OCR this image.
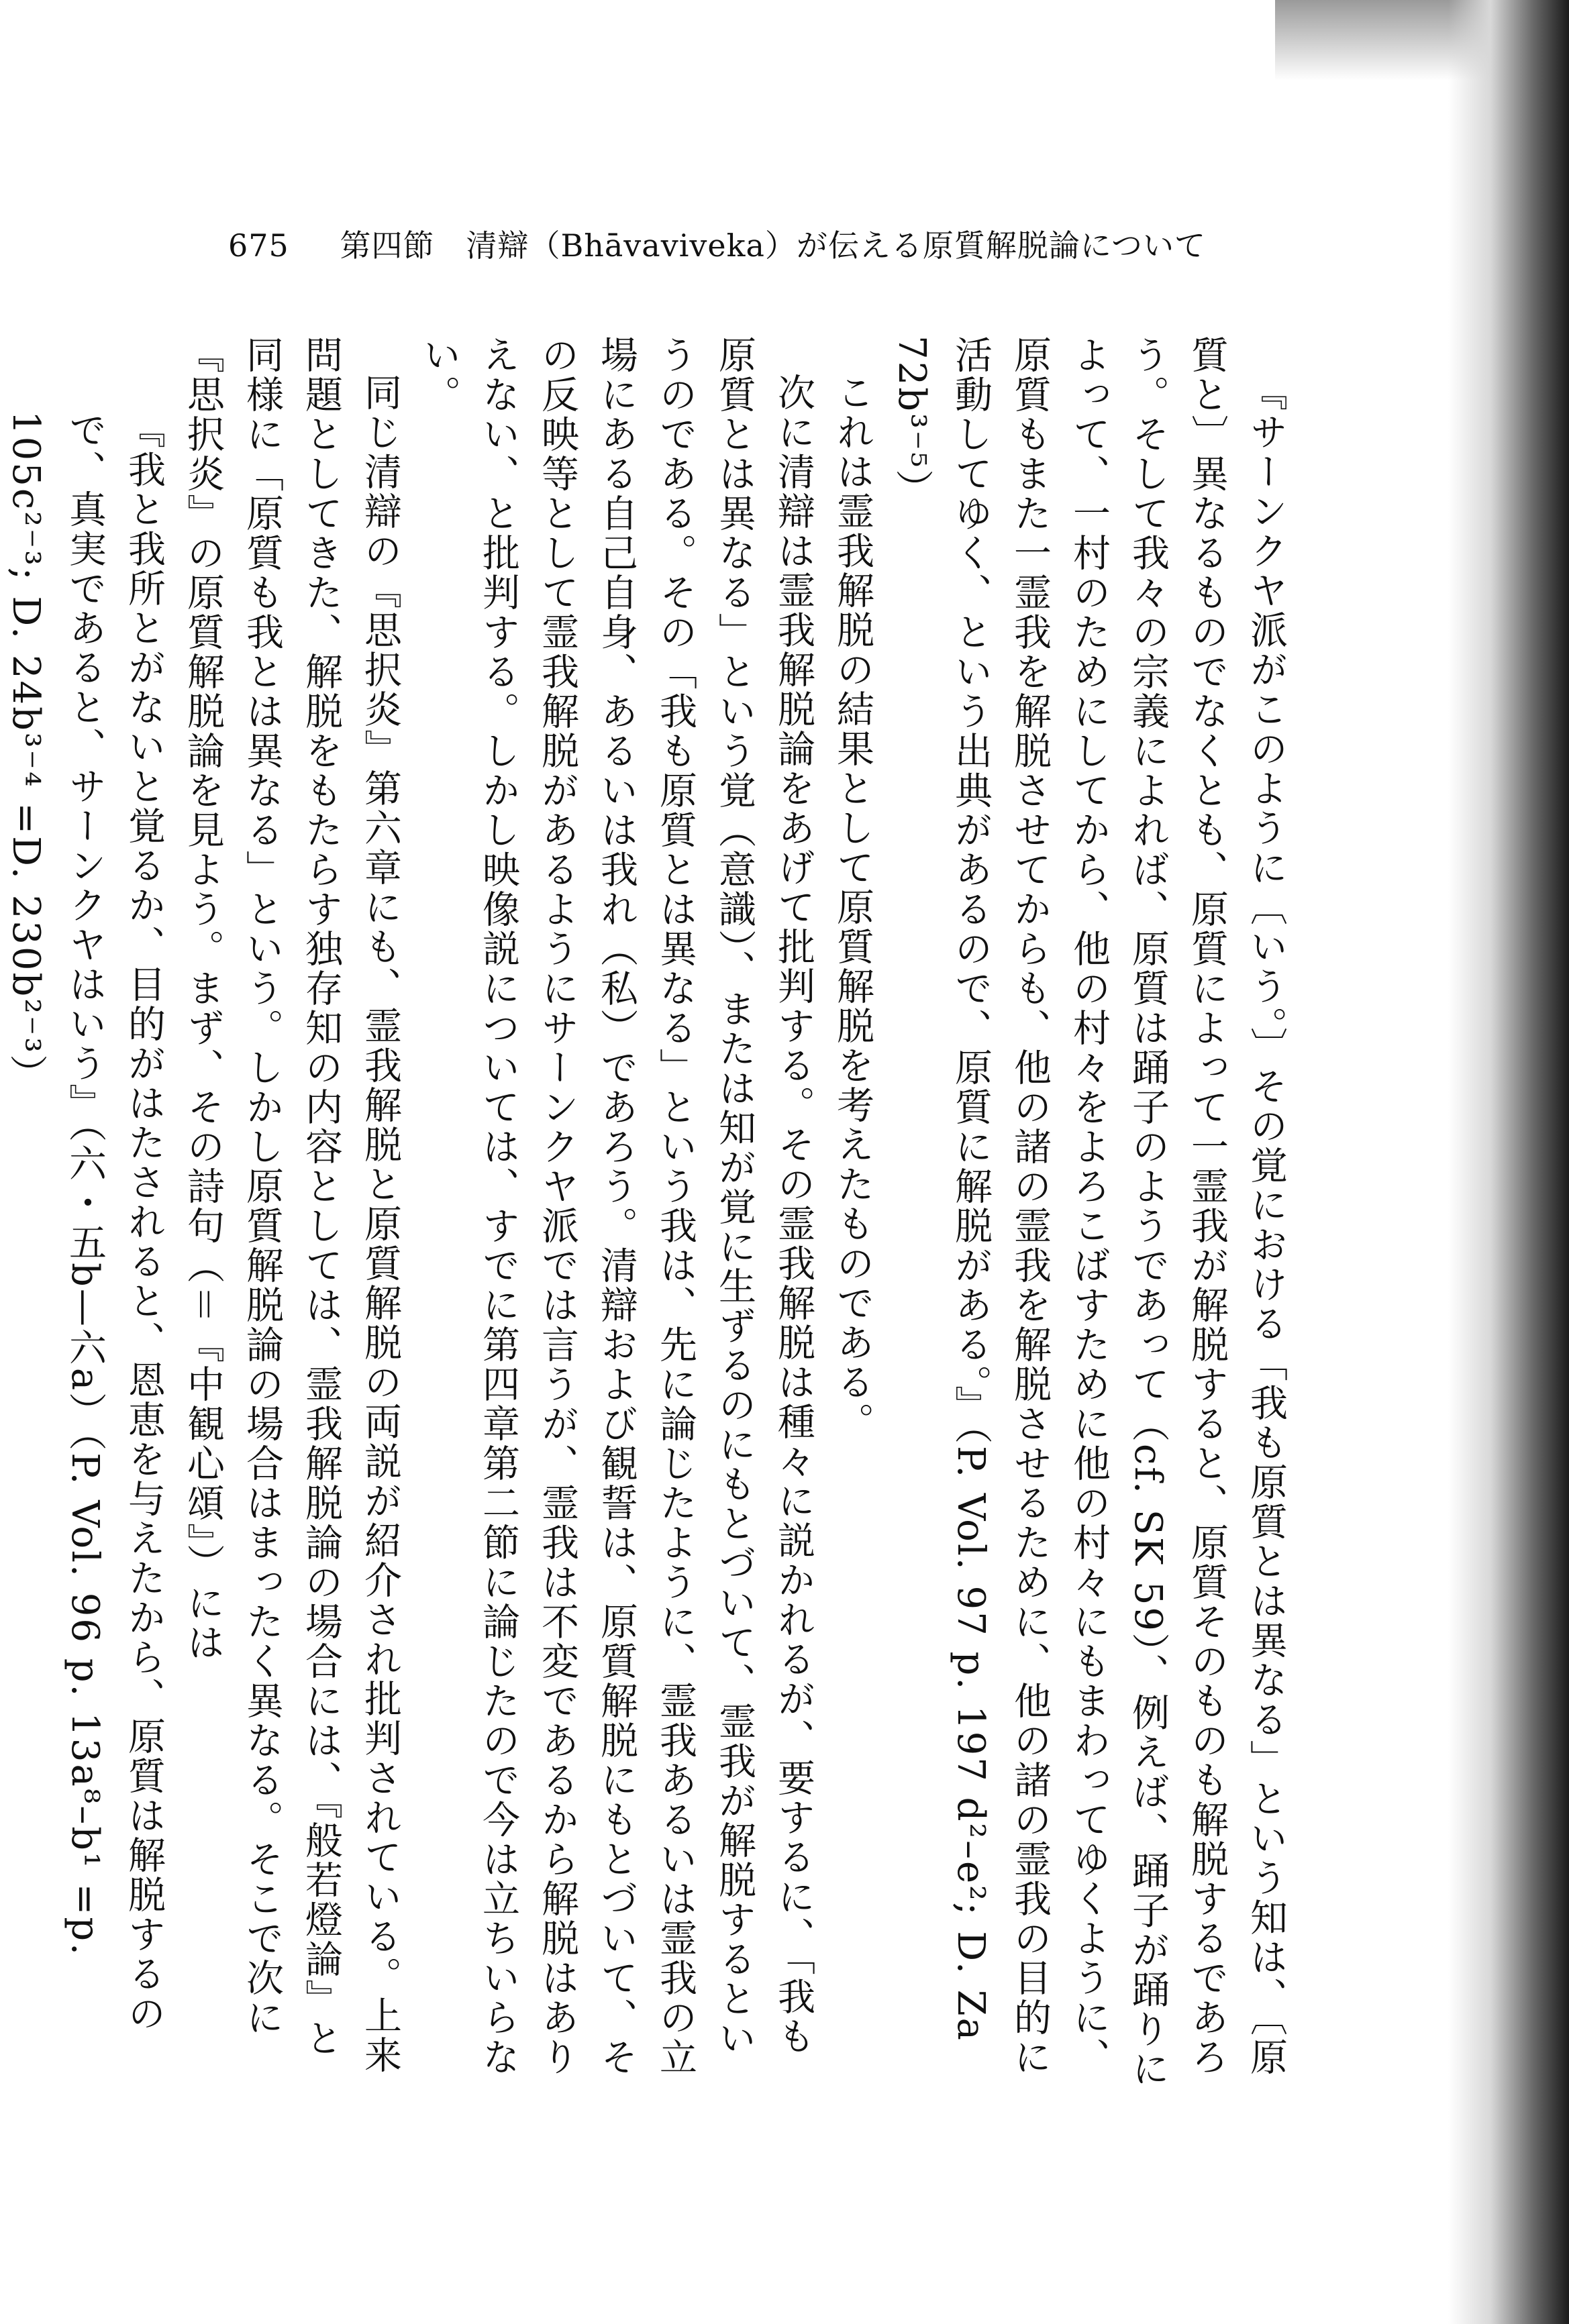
675 第四節　清辯（Bhāvaviveka）が伝える原質解脱論について

『サーンクヤ派がこのように〔いう。〕その覚における「我も原質とは異なる」という知は、〔原質と〕異なるものでなくとも、原質によって一霊我が解脱すると、原質そのものも解脱するであろう。そして我々の宗義によれば、原質は踊子のようであって（cf. SK 59）、例えば、踊子が踊りによって、一村のためにしてから、他の村々をよろこばすために他の村々にもまわってゆくように、原質もまた一霊我を解脱させてからも、他の諸の霊我を解脱させるために、他の諸の霊我の目的に活動してゆく、という出典があるので、原質に解脱がある。』（P. Vol. 97 p. 197 d²–e²; D. Za 72b³⁻⁵）

これは霊我解脱の結果として原質解脱を考えたものである。

次に清辯は霊我解脱論をあげて批判する。その霊我解脱は種々に説かれるが、要するに、「我も原質とは異なる」という覚（意識）、または知が覚に生ずるのにもとづいて、霊我が解脱するというのである。その「我も原質とは異なる」という我は、先に論じたように、霊我あるいは霊我の立場にある自己自身、あるいは我れ（私）であろう。清辯および観誓は、原質解脱にもとづいて、その反映等として霊我解脱があるようにサーンクヤ派では言うが、霊我は不変であるから解脱はありえない、と批判する。しかし映像説については、すでに第四章第二節に論じたので今は立ちいらない。

同じ清辯の『思択炎』第六章にも、霊我解脱と原質解脱の両説が紹介され批判されている。上来問題としてきた、解脱をもたらす独存知の内容としては、霊我解脱論の場合には、『般若燈論』と同様に「原質も我とは異なる」という。しかし原質解脱論の場合はまったく異なる。そこで次に『思択炎』の原質解脱論を見よう。まず、その詩句（＝『中観心頌』）には

『我と我所とがないと覚るか、目的がはたされると、恩恵を与えたから、原質は解脱するので、真実であると、サーンクヤはいう』（六・五b—六a）（P. Vol. 96 p. 13a⁸–b¹ =p. 105c²⁻³; D. 24b³⁻⁴ =D. 230b²⁻³）
